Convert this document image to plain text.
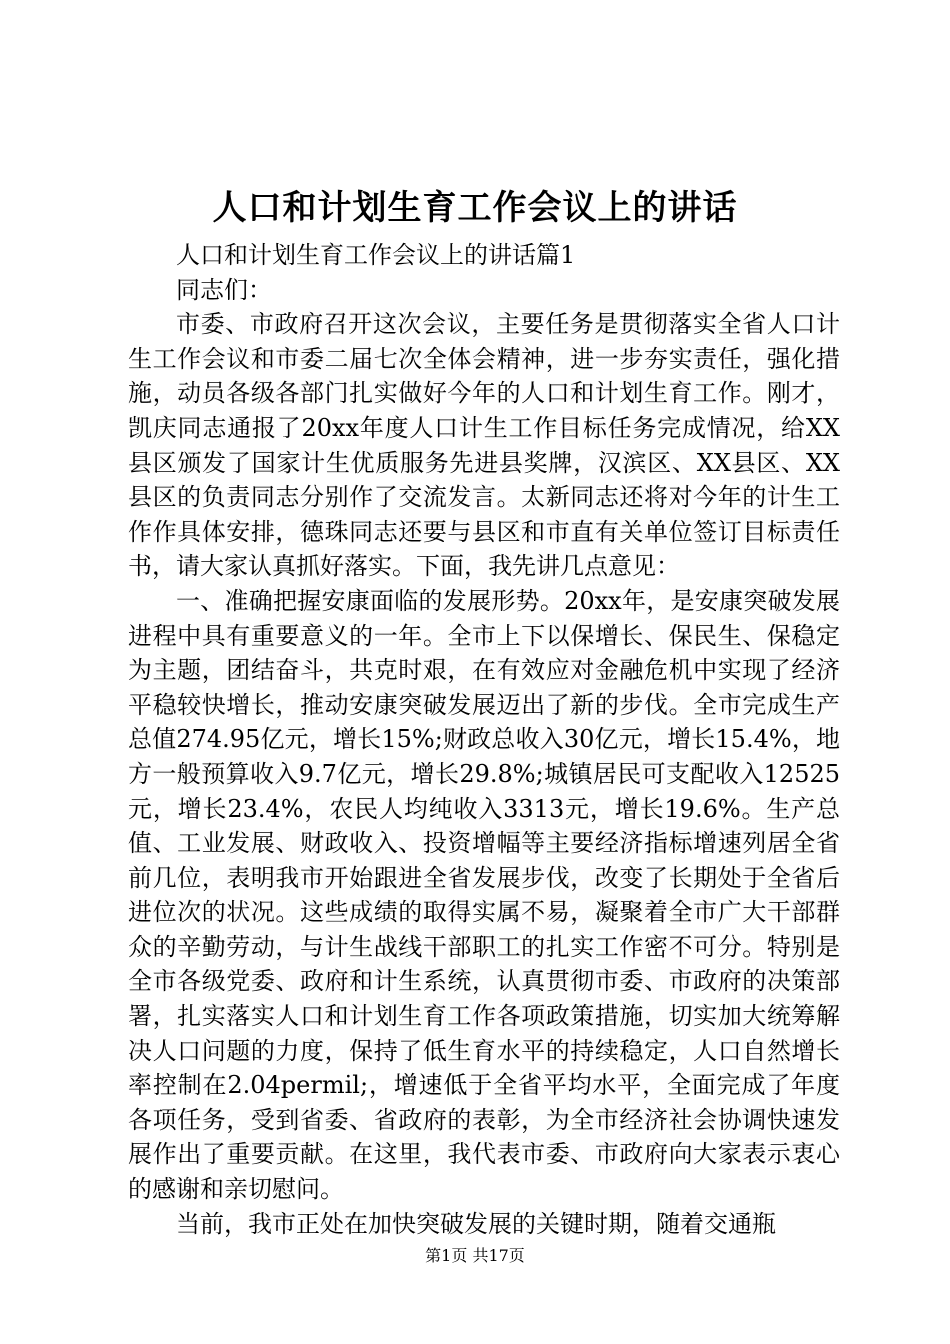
人口和计划生育工作会议上的讲话

人口和计划生育工作会议上的讲话篇1

同志们：

市委、市政府召开这次会议，主要任务是贯彻落实全省人口计生工作会议和市委二届七次全体会精神，进一步夯实责任，强化措施，动员各级各部门扎实做好今年的人口和计划生育工作。刚才，凯庆同志通报了20xx年度人口计生工作目标任务完成情况，给XX县区颁发了国家计生优质服务先进县奖牌，汉滨区、XX县区、XX县区的负责同志分别作了交流发言。太新同志还将对今年的计生工作作具体安排，德珠同志还要与县区和市直有关单位签订目标责任书，请大家认真抓好落实。下面，我先讲几点意见：

一、准确把握安康面临的发展形势。20xx年，是安康突破发展进程中具有重要意义的一年。全市上下以保增长、保民生、保稳定为主题，团结奋斗，共克时艰，在有效应对金融危机中实现了经济平稳较快增长，推动安康突破发展迈出了新的步伐。全市完成生产总值274.95亿元，增长15%;财政总收入30亿元，增长15.4%，地方一般预算收入9.7亿元，增长29.8%;城镇居民可支配收入12525元，增长23.4%，农民人均纯收入3313元，增长19.6%。生产总值、工业发展、财政收入、投资增幅等主要经济指标增速列居全省前几位，表明我市开始跟进全省发展步伐，改变了长期处于全省后进位次的状况。这些成绩的取得实属不易，凝聚着全市广大干部群众的辛勤劳动，与计生战线干部职工的扎实工作密不可分。特别是全市各级党委、政府和计生系统，认真贯彻市委、市政府的决策部署，扎实落实人口和计划生育工作各项政策措施，切实加大统筹解决人口问题的力度，保持了低生育水平的持续稳定，人口自然增长率控制在2.04permil;，增速低于全省平均水平，全面完成了年度各项任务，受到省委、省政府的表彰，为全市经济社会协调快速发展作出了重要贡献。在这里，我代表市委、市政府向大家表示衷心的感谢和亲切慰问。

当前，我市正处在加快突破发展的关键时期，随着交通瓶

第1页 共17页
